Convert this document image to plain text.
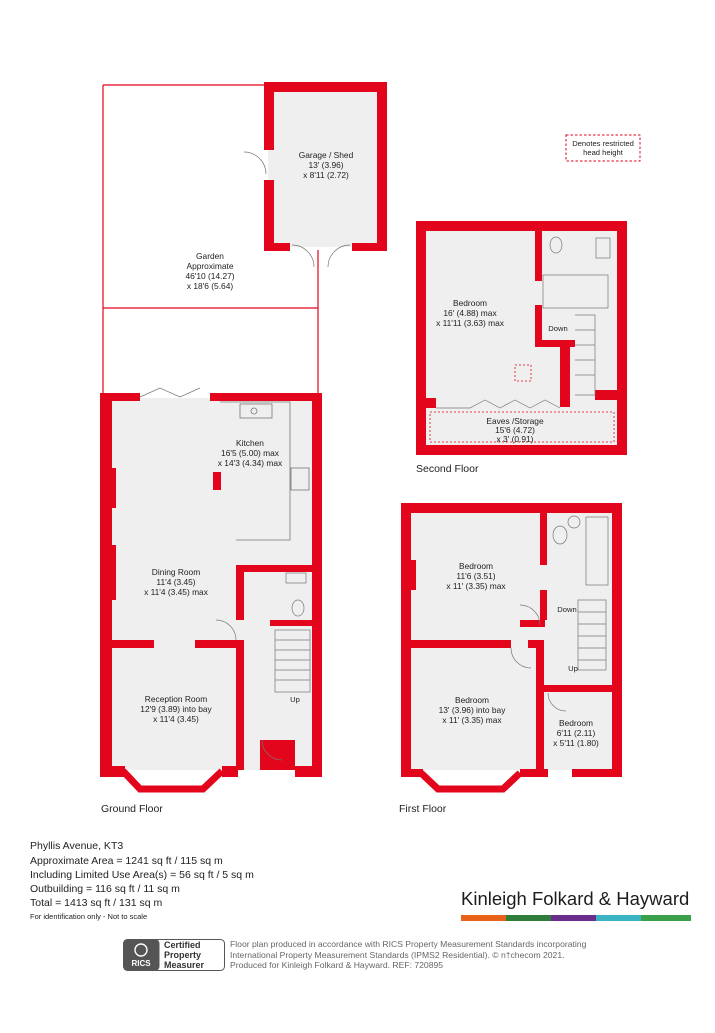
Denotes restricted
head height
Garage / Shed
13' (3.96)
x 8'11 (2.72)
Garden
Approximate
46'10 (14.27)
x 18'6 (5.64)
Kitchen
16'5 (5.00) max
x 14'3 (4.34) max
Dining Room
11'4 (3.45)
x 11'4 (3.45) max
Reception Room
12'9 (3.89) into bay
x 11'4 (3.45)
Up
Ground Floor
Bedroom
16' (4.88) max
x 11'11 (3.63) max
Down
Eaves /Storage
15'6 (4.72)
x 3' (0.91)
Second Floor
Bedroom
11'6 (3.51)
x 11' (3.35) max
Down
Up
Bedroom
13' (3.96) into bay
x 11' (3.35) max	Bedroom
6'11 (2.11)
x 5'11 (1.80)
First Floor
Phyllis Avenue, KT3
Approximate Area = 1241 sq ft / 115 sq m
Including Limited Use Area(s) = 56 sq ft / 5 sq m
Outbuilding = 116 sq ft / 11 sq m
Total = 1413 sq ft / 131 sq m
For identification only - Not to scale
Kinleigh Folkard & Hayward
RICS
Certified
Property
Measurer
Floor plan produced in accordance with RICS Property Measurement Standards incorporating
International Property Measurement Standards (IPMS2 Residential). © n†checom 2021.
Produced for Kinleigh Folkard & Hayward. REF: 720895
